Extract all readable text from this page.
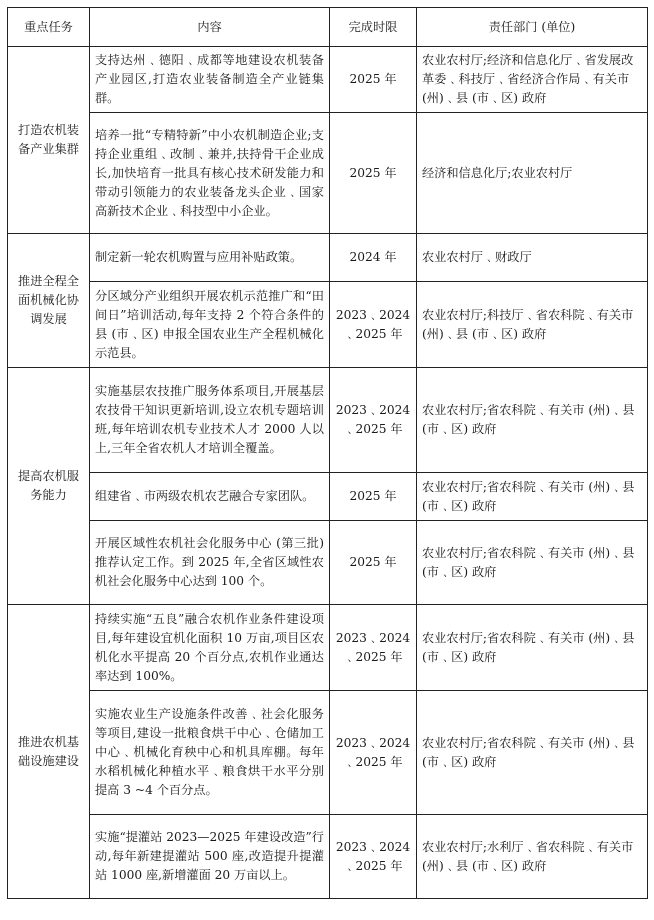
重点任务	内容	完成时限	责任部门 (单位)
打造农机装备产业集群	支持达州﹑德阳﹑成都等地建设农机装备产业园区,打造农业装备制造全产业链集群。	2025 年	农业农村厅;经济和信息化厅﹑省发展改革委﹑科技厅﹑省经济合作局﹑有关市 (州)﹑县 (市﹑区) 政府
	培养一批“专精特新”中小农机制造企业;支持企业重组﹑改制﹑兼并,扶持骨干企业成长,加快培育一批具有核心技术研发能力和带动引领能力的农业装备龙头企业﹑国家高新技术企业﹑科技型中小企业。	2025 年	经济和信息化厅;农业农村厅
推进全程全面机械化协调发展	制定新一轮农机购置与应用补贴政策。	2024 年	农业农村厅﹑财政厅
	分区域分产业组织开展农机示范推广和“田间日”培训活动,每年支持 2 个符合条件的县 (市﹑区) 申报全国农业生产全程机械化示范县。	2023﹑2024﹑2025 年	农业农村厅;科技厅﹑省农科院﹑有关市 (州)﹑县 (市﹑区) 政府
提高农机服务能力	实施基层农技推广服务体系项目,开展基层农技骨干知识更新培训,设立农机专题培训班,每年培训农机专业技术人才 2000 人以上,三年全省农机人才培训全覆盖。	2023﹑2024﹑2025 年	农业农村厅;省农科院﹑有关市 (州)﹑县 (市﹑区) 政府
	组建省﹑市两级农机农艺融合专家团队。	2025 年	农业农村厅;省农科院﹑有关市 (州)﹑县 (市﹑区) 政府
	开展区域性农机社会化服务中心 (第三批) 推荐认定工作。到 2025 年,全省区域性农机社会化服务中心达到 100 个。	2025 年	农业农村厅;省农科院﹑有关市 (州)﹑县 (市﹑区) 政府
推进农机基础设施建设	持续实施“五良”融合农机作业条件建设项目,每年建设宜机化面积 10 万亩,项目区农机化水平提高 20 个百分点,农机作业通达率达到 100%。	2023﹑2024﹑2025 年	农业农村厅;省农科院﹑有关市 (州)﹑县 (市﹑区) 政府
	实施农业生产设施条件改善﹑社会化服务等项目,建设一批粮食烘干中心﹑仓储加工中心﹑机械化育秧中心和机具库棚。每年水稻机械化种植水平﹑粮食烘干水平分别提高 3 ~4 个百分点。	2023﹑2024﹑2025 年	农业农村厅;省农科院﹑有关市 (州)﹑县 (市﹑区) 政府
	实施“提灌站 2023—2025 年建设改造”行动,每年新建提灌站 500 座,改造提升提灌站 1000 座,新增灌面 20 万亩以上。	2023﹑2024﹑2025 年	农业农村厅;水利厅﹑省农科院﹑有关市 (州)﹑县 (市﹑区) 政府
